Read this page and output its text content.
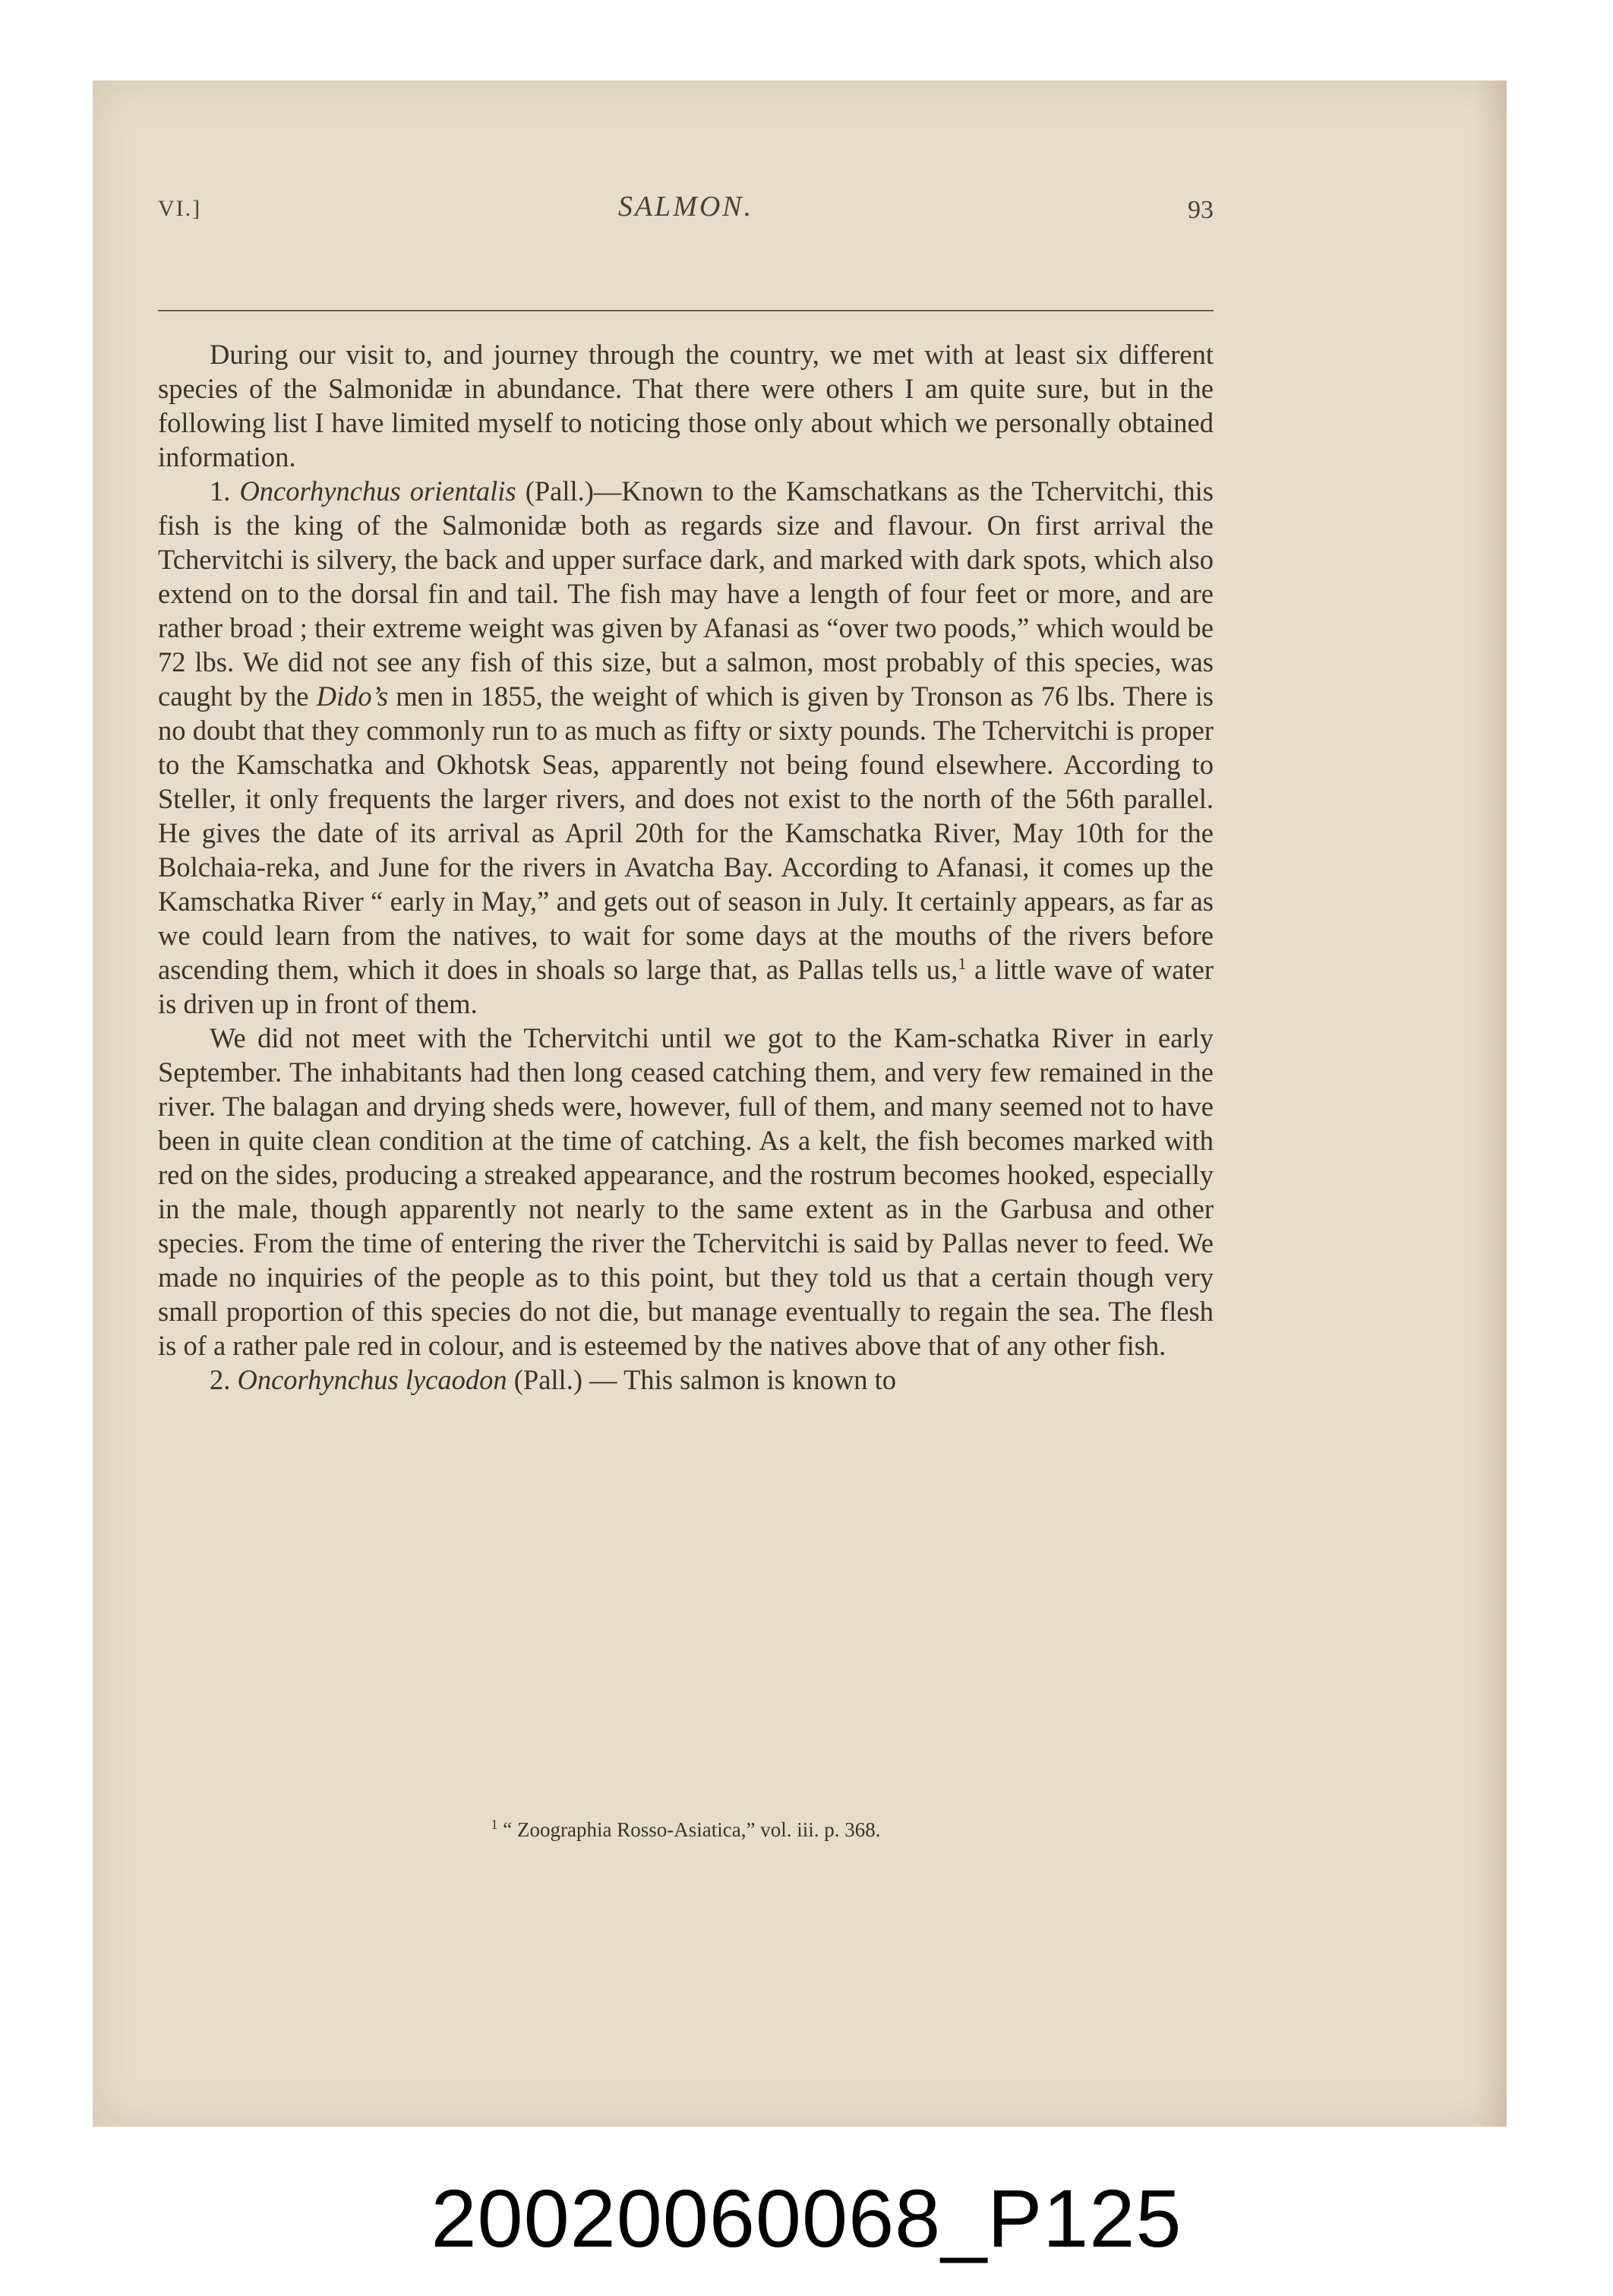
VI.]	SALMON.	93

During our visit to, and journey through the country, we met with at least six different species of the Salmonidæ in abundance. That there were others I am quite sure, but in the following list I have limited myself to noticing those only about which we personally obtained information.

1. Oncorhynchus orientalis (Pall.)—Known to the Kamschatkans as the Tchervitchi, this fish is the king of the Salmonidæ both as regards size and flavour. On first arrival the Tchervitchi is silvery, the back and upper surface dark, and marked with dark spots, which also extend on to the dorsal fin and tail. The fish may have a length of four feet or more, and are rather broad ; their extreme weight was given by Afanasi as “over two poods,” which would be 72 lbs. We did not see any fish of this size, but a salmon, most probably of this species, was caught by the Dido’s men in 1855, the weight of which is given by Tronson as 76 lbs. There is no doubt that they commonly run to as much as fifty or sixty pounds. The Tchervitchi is proper to the Kamschatka and Okhotsk Seas, apparently not being found elsewhere. According to Steller, it only frequents the larger rivers, and does not exist to the north of the 56th parallel. He gives the date of its arrival as April 20th for the Kamschatka River, May 10th for the Bolchaia-reka, and June for the rivers in Avatcha Bay. According to Afanasi, it comes up the Kamschatka River “ early in May,” and gets out of season in July. It certainly appears, as far as we could learn from the natives, to wait for some days at the mouths of the rivers before ascending them, which it does in shoals so large that, as Pallas tells us,$^1$ a little wave of water is driven up in front of them.

We did not meet with the Tchervitchi until we got to the Kam-schatka River in early September. The inhabitants had then long ceased catching them, and very few remained in the river. The balagan and drying sheds were, however, full of them, and many seemed not to have been in quite clean condition at the time of catching. As a kelt, the fish becomes marked with red on the sides, producing a streaked appearance, and the rostrum becomes hooked, especially in the male, though apparently not nearly to the same extent as in the Garbusa and other species. From the time of entering the river the Tchervitchi is said by Pallas never to feed. We made no inquiries of the people as to this point, but they told us that a certain though very small proportion of this species do not die, but manage eventually to regain the sea. The flesh is of a rather pale red in colour, and is esteemed by the natives above that of any other fish.

2. Oncorhynchus lycaodon (Pall.) — This salmon is known to

$^1$ “ Zoographia Rosso-Asiatica,” vol. iii. p. 368.
20020060068_P125
